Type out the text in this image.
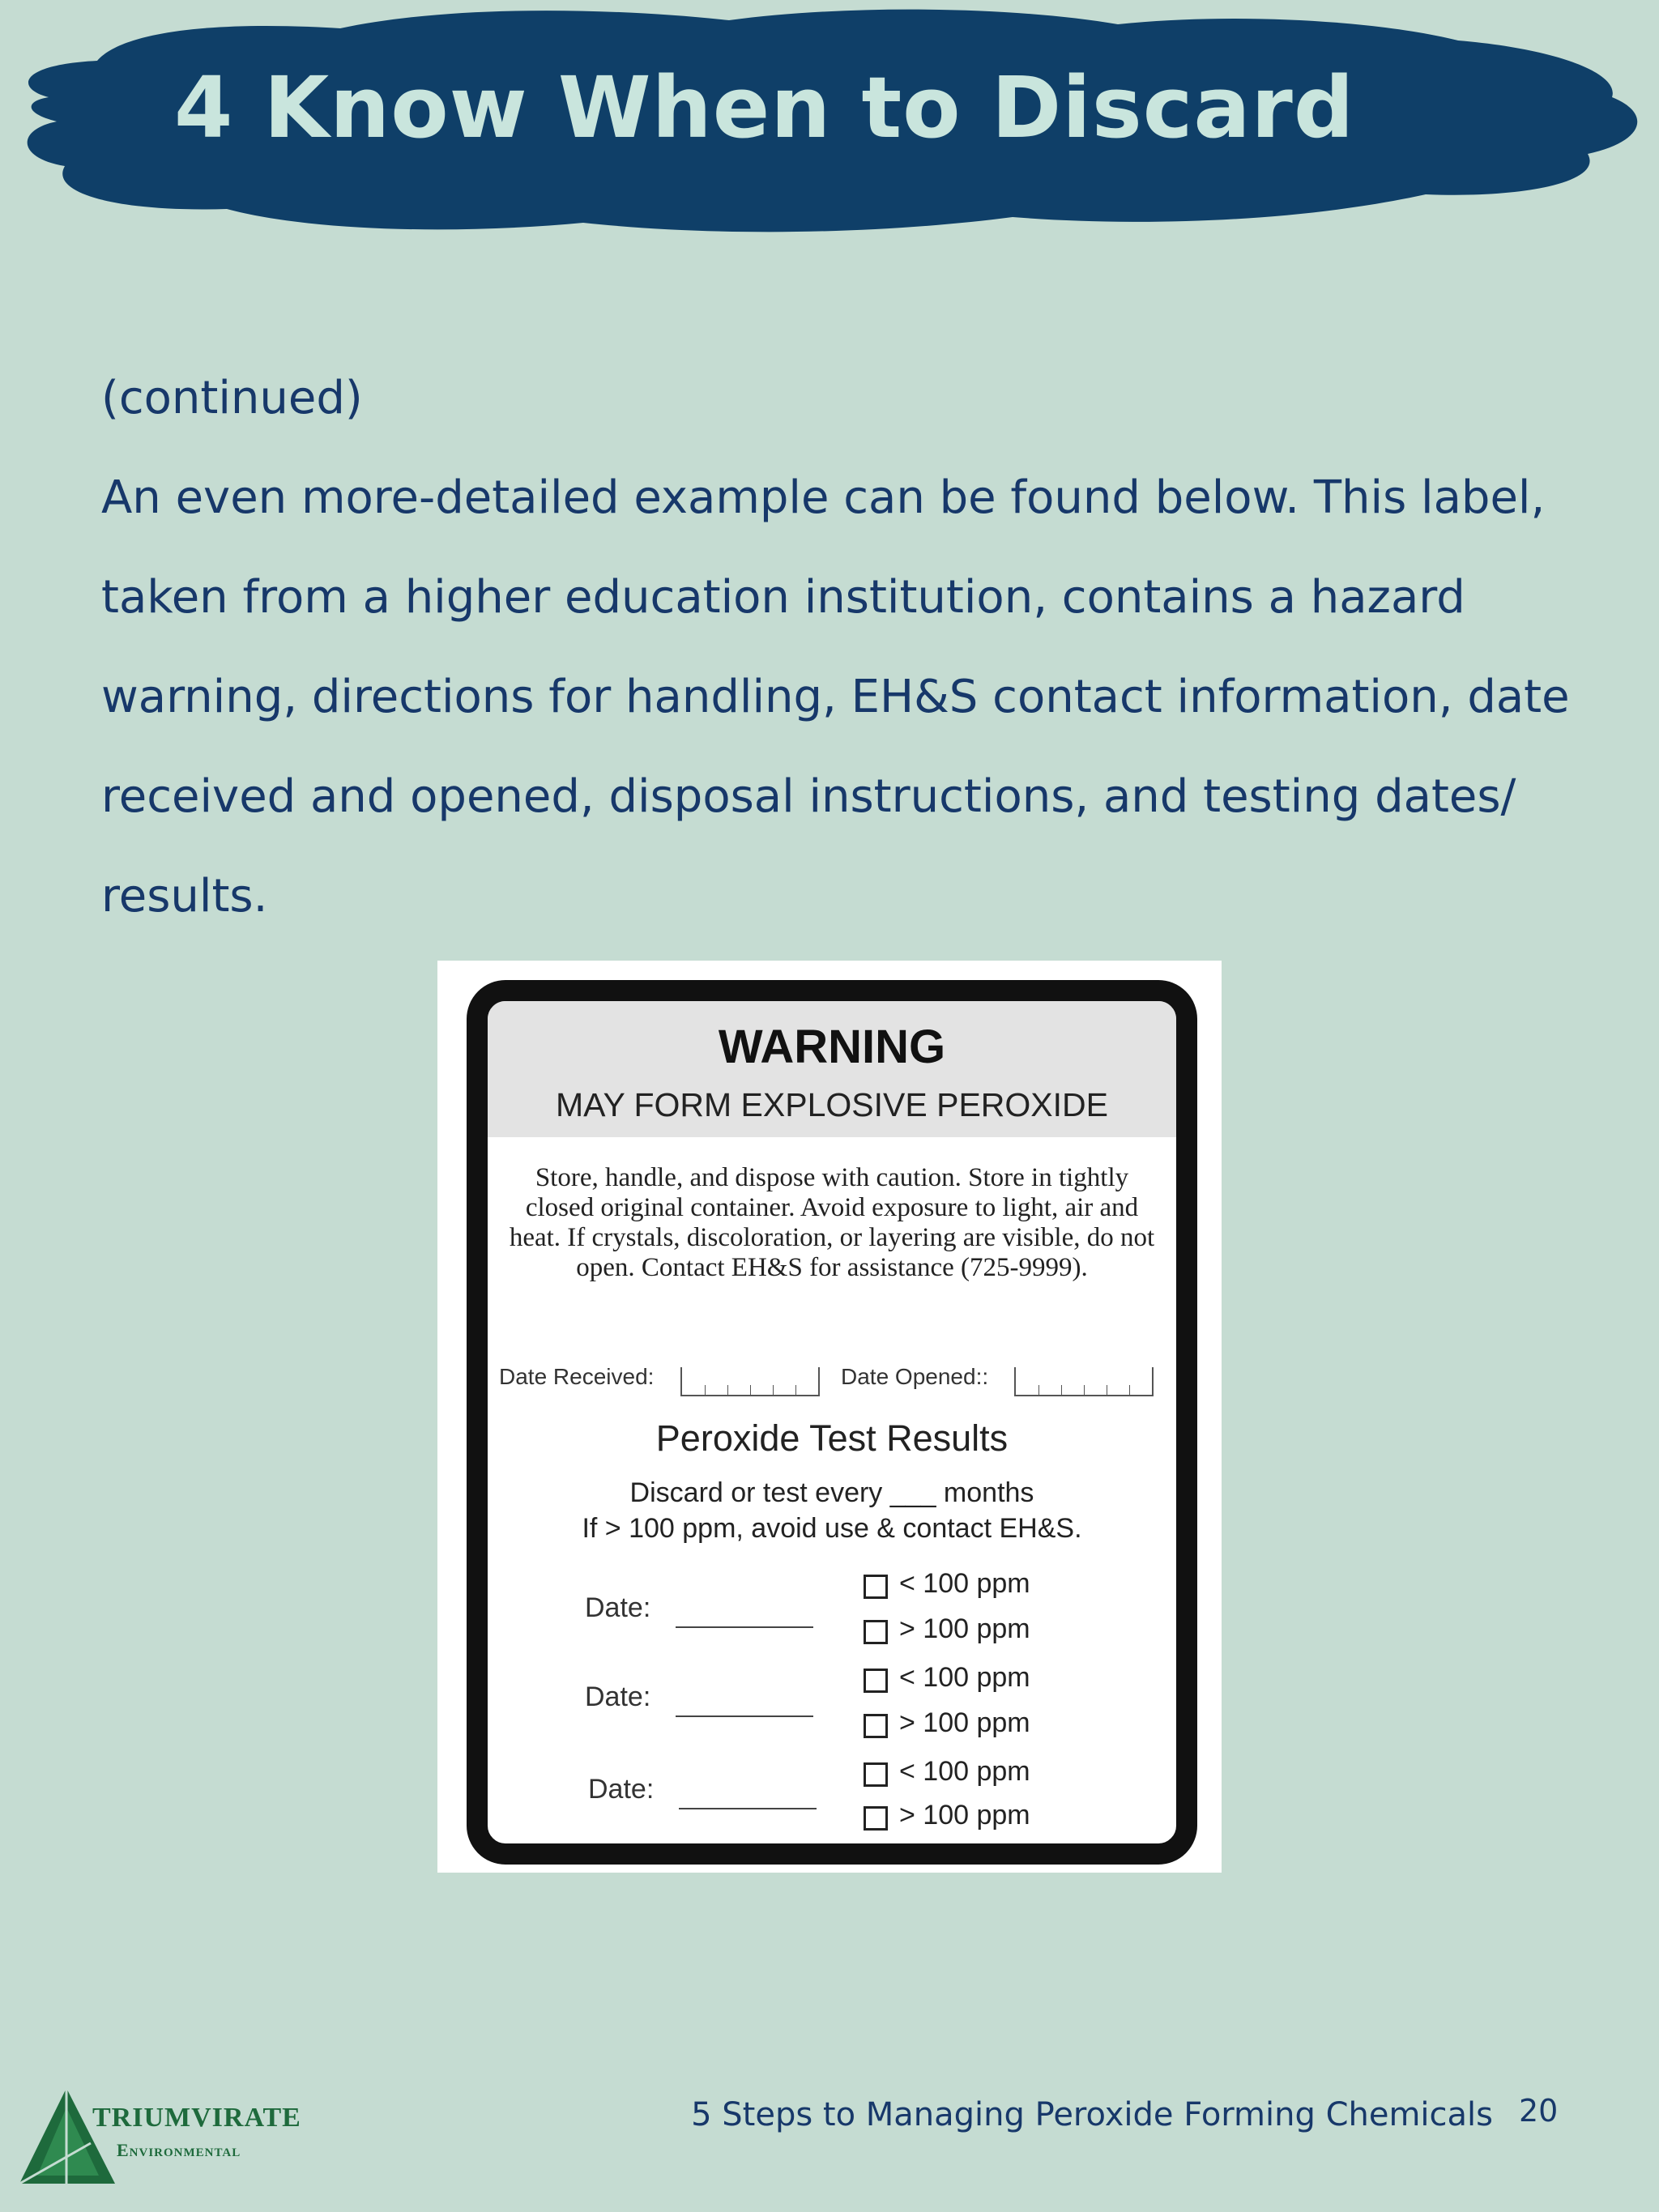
4 Know When to Discard

(continued)

An even more-detailed example can be found below. This label, taken from a higher education institution, contains a hazard warning, directions for handling, EH&S contact information, date received and opened, disposal instructions, and testing dates/ results.

WARNING
MAY FORM EXPLOSIVE PEROXIDE
Store, handle, and dispose with caution. Store in tightly closed original container. Avoid exposure to light, air and heat. If crystals, discoloration, or layering are visible, do not open. Contact EH&S for assistance (725-9999).
Date Received:	Date Opened::
Peroxide Test Results
Discard or test every ___ months
If > 100 ppm, avoid use & contact EH&S.
Date:
< 100 ppm
> 100 ppm
Date:
< 100 ppm
> 100 ppm
Date:
< 100 ppm
> 100 ppm
TRIUMVIRATE
Environmental
5 Steps to Managing Peroxide Forming Chemicals 20
